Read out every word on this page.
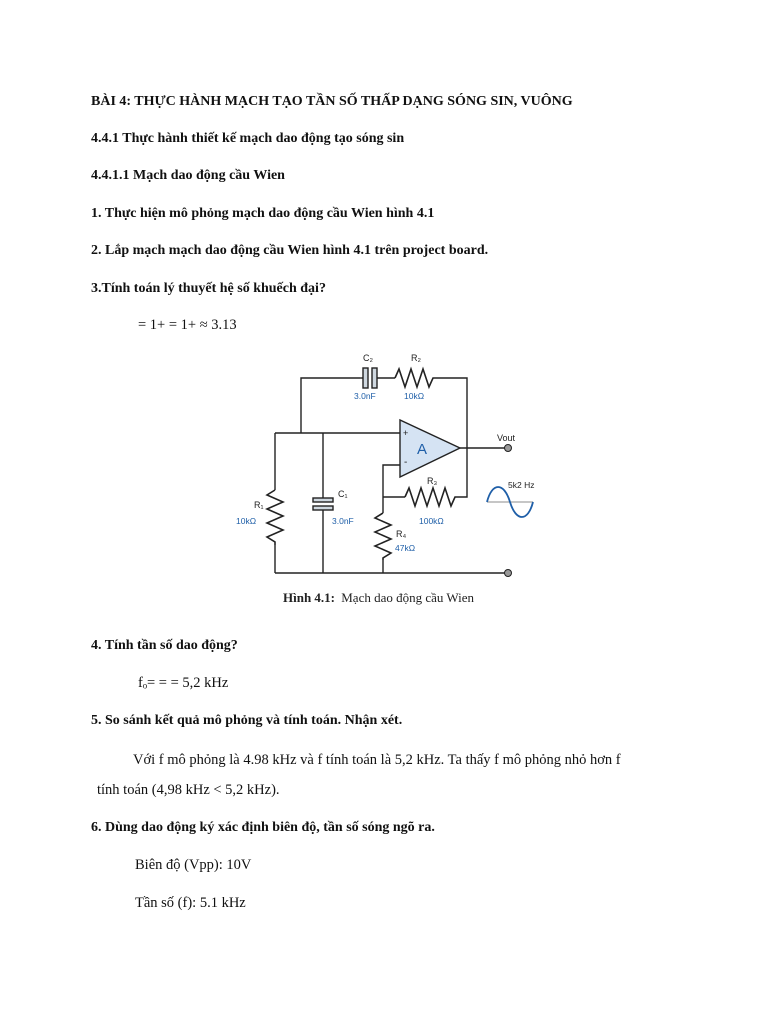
BÀI 4: THỰC HÀNH MẠCH TẠO TẦN SỐ THẤP DẠNG SÓNG SIN, VUÔNG
4.4.1 Thực hành thiết kế mạch dao động tạo sóng sin
4.4.1.1 Mạch dao động cầu Wien
1. Thực hiện mô phỏng mạch dao động cầu Wien hình 4.1
2. Lắp mạch mạch dao động cầu Wien hình 4.1 trên project board.
3.Tính toán lý thuyết hệ số khuếch đại?
= 1+ = 1+ ≈ 3.13
C₂
3.0nF
R₂
10kΩ
A
+
-
Vout
R₁
10kΩ
C₁
3.0nF
R₃
100kΩ
R₄
47kΩ
5k2 Hz
Hình 4.1: Mạch dao động cầu Wien
4. Tính tần số dao động?
fₒ= = = 5,2 kHz
5. So sánh kết quả mô phỏng và tính toán. Nhận xét.
Với f mô phỏng là 4.98 kHz và f tính toán là 5,2 kHz. Ta thấy f mô phỏng nhỏ hơn f
tính toán (4,98 kHz < 5,2 kHz).
6. Dùng dao động ký xác định biên độ, tần số sóng ngõ ra.
Biên độ (Vpp): 10V
Tần số (f): 5.1 kHz
